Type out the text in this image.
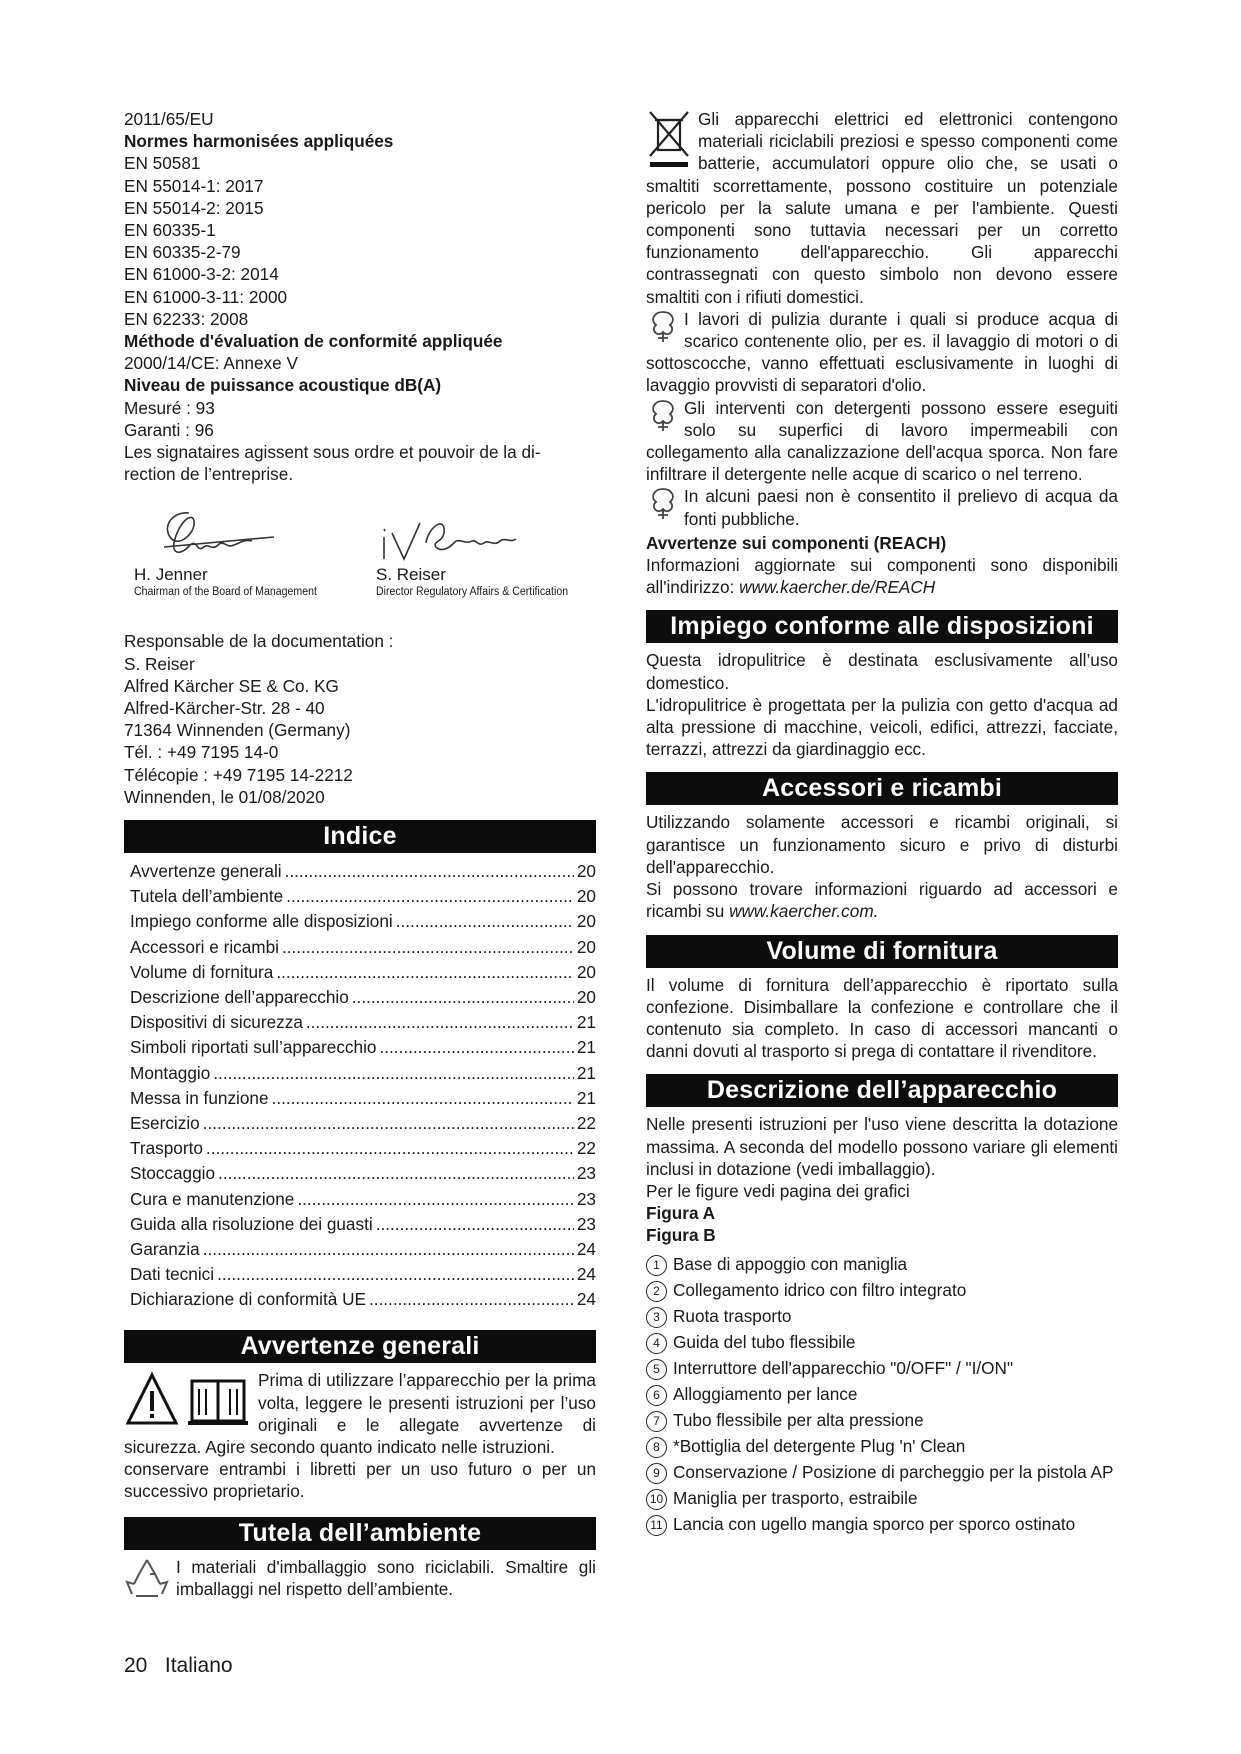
2011/65/EU
Normes harmonisées appliquées
EN 50581
EN 55014-1: 2017
EN 55014-2: 2015
EN 60335-1
EN 60335-2-79
EN 61000-3-2: 2014
EN 61000-3-11: 2000
EN 62233: 2008
Méthode d'évaluation de conformité appliquée
2000/14/CE: Annexe V
Niveau de puissance acoustique dB(A)
Mesuré : 93
Garanti : 96
Les signataires agissent sous ordre et pouvoir de la di-
rection de l’entreprise.
H. Jenner
Chairman of the Board of Management
S. Reiser
Director Regulatory Affairs & Certification
Responsable de la documentation :
S. Reiser
Alfred Kärcher SE & Co. KG
Alfred-Kärcher-Str. 28 - 40
71364 Winnenden (Germany)
Tél. : +49 7195 14-0
Télécopie : +49 7195 14-2212
Winnenden, le 01/08/2020
Indice
Avvertenze generali .....	20
Tutela dell’ambiente .....	20
Impiego conforme alle disposizioni .....	20
Accessori e ricambi .....	20
Volume di fornitura .....	20
Descrizione dell’apparecchio .....	20
Dispositivi di sicurezza .....	21
Simboli riportati sull’apparecchio .....	21
Montaggio .....	21
Messa in funzione .....	21
Esercizio .....	22
Trasporto .....	22
Stoccaggio .....	23
Cura e manutenzione .....	23
Guida alla risoluzione dei guasti .....	23
Garanzia .....	24
Dati tecnici .....	24
Dichiarazione di conformità UE .....	24
Avvertenze generali
Prima di utilizzare l’apparecchio per la prima volta, leggere le presenti istruzioni per l’uso originali e le allegate avvertenze di sicurezza. Agire secondo quanto indicato nelle istruzioni.
conservare entrambi i libretti per un uso futuro o per un successivo proprietario.
Tutela dell’ambiente
I materiali d'imballaggio sono riciclabili. Smaltire gli imballaggi nel rispetto dell’ambiente.
Gli apparecchi elettrici ed elettronici contengono materiali riciclabili preziosi e spesso componenti come batterie, accumulatori oppure olio che, se usati o smaltiti scorrettamente, possono costituire un potenziale pericolo per la salute umana e per l'ambiente. Questi componenti sono tuttavia necessari per un corretto funzionamento dell'apparecchio. Gli apparecchi contrassegnati con questo simbolo non devono essere smaltiti con i rifiuti domestici.
I lavori di pulizia durante i quali si produce acqua di scarico contenente olio, per es. il lavaggio di motori o di sottoscocche, vanno effettuati esclusivamente in luoghi di lavaggio provvisti di separatori d'olio.
Gli interventi con detergenti possono essere eseguiti solo su superfici di lavoro impermeabili con collegamento alla canalizzazione dell'acqua sporca. Non fare infiltrare il detergente nelle acque di scarico o nel terreno.
In alcuni paesi non è consentito il prelievo di acqua da fonti pubbliche.
Avvertenze sui componenti (REACH)
Informazioni aggiornate sui componenti sono disponibili all'indirizzo: www.kaercher.de/REACH
Impiego conforme alle disposizioni
Questa idropulitrice è destinata esclusivamente all’uso domestico.
L'idropulitrice è progettata per la pulizia con getto d'acqua ad alta pressione di macchine, veicoli, edifici, attrezzi, facciate, terrazzi, attrezzi da giardinaggio ecc.
Accessori e ricambi
Utilizzando solamente accessori e ricambi originali, si garantisce un funzionamento sicuro e privo di disturbi dell'apparecchio.
Si possono trovare informazioni riguardo ad accessori e ricambi su www.kaercher.com.
Volume di fornitura
Il volume di fornitura dell’apparecchio è riportato sulla confezione. Disimballare la confezione e controllare che il contenuto sia completo. In caso di accessori mancanti o danni dovuti al trasporto si prega di contattare il rivenditore.
Descrizione dell’apparecchio
Nelle presenti istruzioni per l'uso viene descritta la dotazione massima. A seconda del modello possono variare gli elementi inclusi in dotazione (vedi imballaggio).
Per le figure vedi pagina dei grafici
Figura A
Figura B
1 Base di appoggio con maniglia
2 Collegamento idrico con filtro integrato
3 Ruota trasporto
4 Guida del tubo flessibile
5 Interruttore dell'apparecchio "0/OFF" / "I/ON"
6 Alloggiamento per lance
7 Tubo flessibile per alta pressione
8 *Bottiglia del detergente Plug 'n' Clean
9 Conservazione / Posizione di parcheggio per la pistola AP
10 Maniglia per trasporto, estraibile
11 Lancia con ugello mangia sporco per sporco ostinato
20 Italiano
